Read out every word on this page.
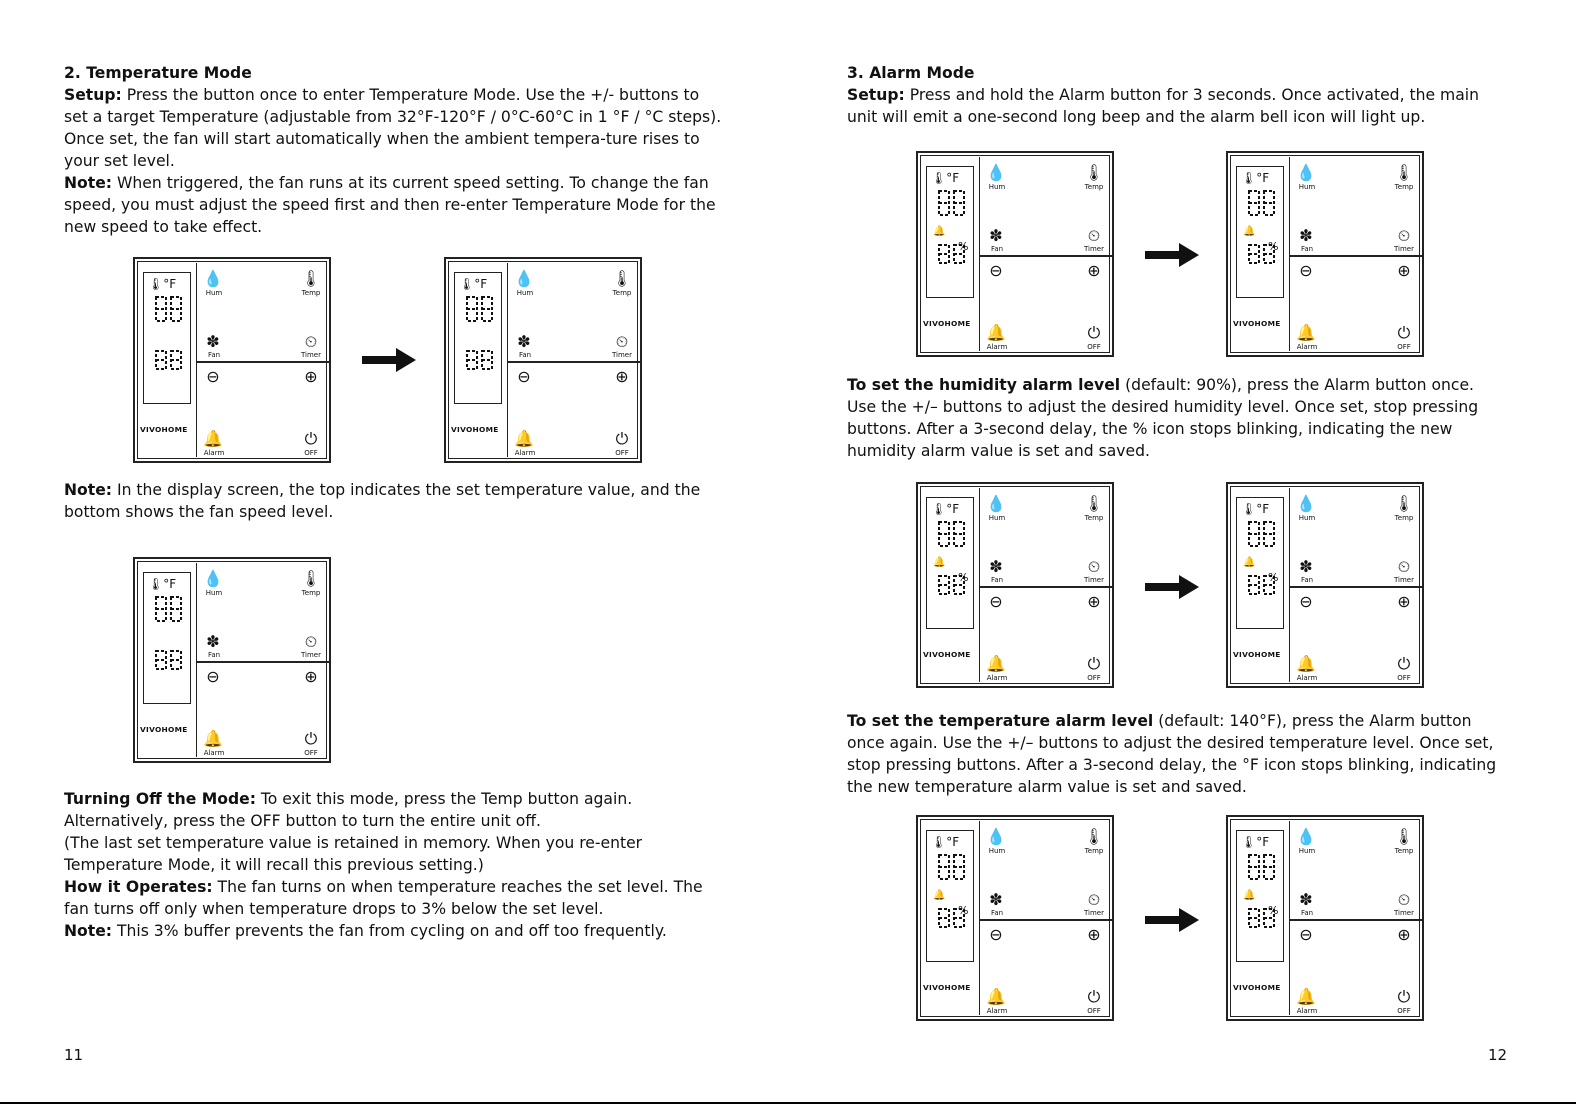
2. Temperature Mode

Setup: Press the button once to enter Temperature Mode. Use the +/- buttons to set a target Temperature (adjustable from 32°F-120°F / 0°C-60°C in 1 °F / °C steps). Once set, the fan will start automatically when the ambient tempera-ture rises to your set level.

Note: When triggered, the fan runs at its current speed setting. To change the fan speed, you must adjust the speed first and then re-enter Temperature Mode for the new speed to take effect.

Note: In the display screen, the top indicates the set temperature value, and the bottom shows the fan speed level.

Turning Off the Mode: To exit this mode, press the Temp button again. Alternatively, press the OFF button to turn the entire unit off.

(The last set temperature value is retained in memory. When you re-enter Temperature Mode, it will recall this previous setting.)

How it Operates: The fan turns on when temperature reaches the set level. The fan turns off only when temperature drops to 3% below the set level.

Note: This 3% buffer prevents the fan from cycling on and off too frequently.

11

3. Alarm Mode

Setup: Press and hold the Alarm button for 3 seconds. Once activated, the main unit will emit a one-second long beep and the alarm bell icon will light up.

To set the humidity alarm level (default: 90%), press the Alarm button once. Use the +/– buttons to adjust the desired humidity level. Once set, stop pressing buttons. After a 3-second delay, the % icon stops blinking, indicating the new humidity alarm value is set and saved.

To set the temperature alarm level (default: 140°F), press the Alarm button once again. Use the +/– buttons to adjust the desired temperature level. Once set, stop pressing buttons. After a 3-second delay, the °F icon stops blinking, indicating the new temperature alarm value is set and saved.

12
🌡°F
VIVOHOME
💧
Hum
🌡
Temp
✽
Fan
⏲
Timer
⊖	⊕
🔔
Alarm
⏻
OFF
🌡°F
VIVOHOME
💧
Hum
🌡
Temp
✽
Fan
⏲
Timer
⊖	⊕
🔔
Alarm
⏻
OFF
🌡°F
VIVOHOME
💧
Hum
🌡
Temp
✽
Fan
⏲
Timer
⊖	⊕
🔔
Alarm
⏻
OFF
🌡°F
🔔
%
VIVOHOME
💧
Hum
🌡
Temp
✽
Fan
⏲
Timer
⊖	⊕
🔔
Alarm
⏻
OFF
🌡°F
🔔
%
VIVOHOME
💧
Hum
🌡
Temp
✽
Fan
⏲
Timer
⊖	⊕
🔔
Alarm
⏻
OFF
🌡°F
🔔
%
VIVOHOME
💧
Hum
🌡
Temp
✽
Fan
⏲
Timer
⊖	⊕
🔔
Alarm
⏻
OFF
🌡°F
🔔
%
VIVOHOME
💧
Hum
🌡
Temp
✽
Fan
⏲
Timer
⊖	⊕
🔔
Alarm
⏻
OFF
🌡°F
🔔
%
VIVOHOME
💧
Hum
🌡
Temp
✽
Fan
⏲
Timer
⊖	⊕
🔔
Alarm
⏻
OFF
🌡°F
🔔
%
VIVOHOME
💧
Hum
🌡
Temp
✽
Fan
⏲
Timer
⊖	⊕
🔔
Alarm
⏻
OFF
